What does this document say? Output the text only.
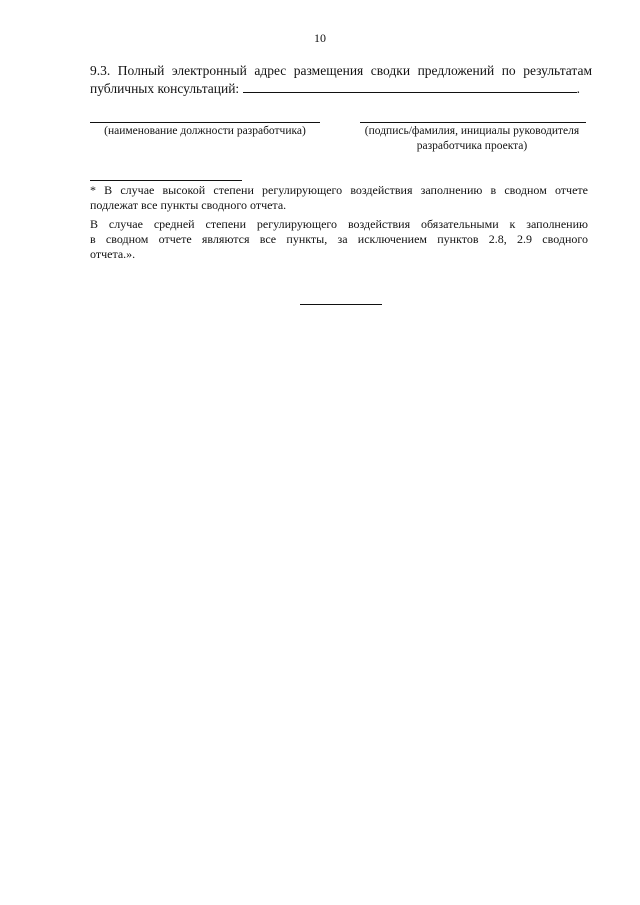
10
9.3. Полный электронный адрес размещения сводки предложений по результатам
публичных консультаций:	.
(наименование должности разработчика)	(подпись/фамилия, инициалы руководителя
разработчика проекта)
* В случае высокой степени регулирующего воздействия заполнению в сводном отчете
подлежат все пункты сводного отчета.
В случае средней степени регулирующего воздействия обязательными к заполнению
в сводном отчете являются все пункты, за исключением пунктов 2.8, 2.9 сводного
отчета.».
